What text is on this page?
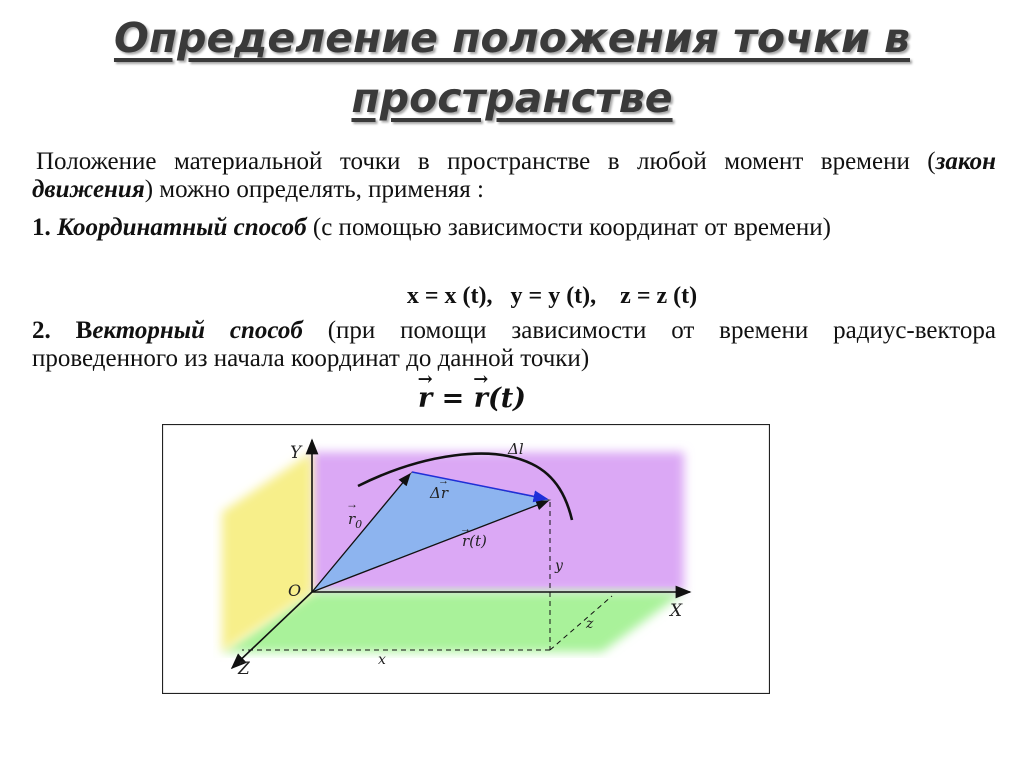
Определение положения точки в
пространстве
Положение материальной точки в пространстве в любой момент времени (закон движения) можно определять, применяя :
1. Координатный способ (с помощью зависимости координат от времени)
x = x (t), y = y (t), z = z (t)
2. Векторный способ (при помощи зависимости от времени радиус-вектора проведенного из начала координат до данной точки)
→ r = → r(t)
Y
X
Z
O
$r_0$
→
Δr
→
Δl
r(t)
→
y
x
z
